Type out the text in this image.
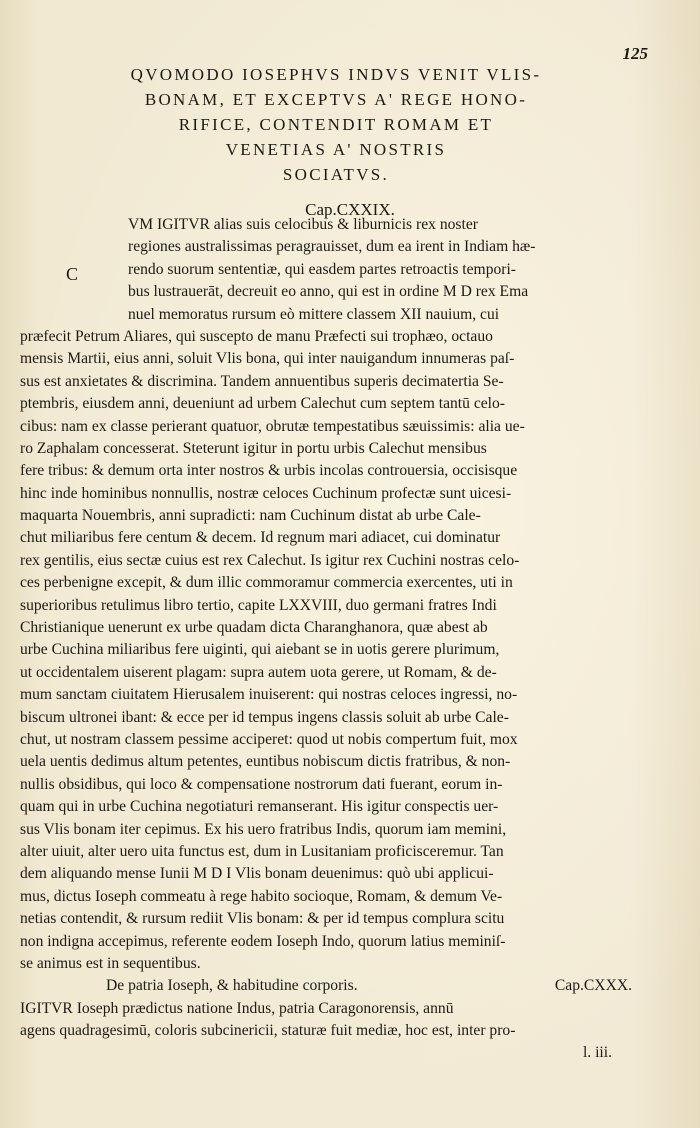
125
QVOMODO IOSEPHVS INDVS VENIT VLIS-
BONAM, ET EXCEPTVS A' REGE HONO-
RIFICE, CONTENDIT ROMAM ET
VENETIAS A' NOSTRIS
SOCIATVS.
Cap.CXXIX.
C
VM IGITVR alias suis celocibus & liburnicis rex noster
regiones australissimas peragrauisset, dum ea irent in Indiam hæ-
rendo suorum sententiæ, qui easdem partes retroactis tempori-
bus lustrauerāt, decreuit eo anno, qui est in ordine M D rex Ema
nuel memoratus rursum eò mittere classem XII nauium, cui
præfecit Petrum Aliares, qui suscepto de manu Præfecti sui trophæo, octauo
mensis Martii, eius anni, soluit Vlis bona, qui inter nauigandum innumeras paſ-
sus est anxietates & discrimina. Tandem annuentibus superis decimatertia Se-
ptembris, eiusdem anni, deueniunt ad urbem Calechut cum septem tantū celo-
cibus: nam ex classe perierant quatuor, obrutæ tempestatibus sæuissimis: alia ue-
ro Zaphalam concesserat. Steterunt igitur in portu urbis Calechut mensibus
fere tribus: & demum orta inter nostros & urbis incolas controuersia, occisisque
hinc inde hominibus nonnullis, nostræ celoces Cuchinum profectæ sunt uicesi-
maquarta Nouembris, anni supradicti: nam Cuchinum distat ab urbe Cale-
chut miliaribus fere centum & decem. Id regnum mari adiacet, cui dominatur
rex gentilis, eius sectæ cuius est rex Calechut. Is igitur rex Cuchini nostras celo-
ces perbenigne excepit, & dum illic commoramur commercia exercentes, uti in
superioribus retulimus libro tertio, capite LXXVIII, duo germani fratres Indi
Christianique uenerunt ex urbe quadam dicta Charanghanora, quæ abest ab
urbe Cuchina miliaribus fere uiginti, qui aiebant se in uotis gerere plurimum,
ut occidentalem uiserent plagam: supra autem uota gerere, ut Romam, & de-
mum sanctam ciuitatem Hierusalem inuiserent: qui nostras celoces ingressi, no-
biscum ultronei ibant: & ecce per id tempus ingens classis soluit ab urbe Cale-
chut, ut nostram classem pessime acciperet: quod ut nobis compertum fuit, mox
uela uentis dedimus altum petentes, euntibus nobiscum dictis fratribus, & non-
nullis obsidibus, qui loco & compensatione nostrorum dati fuerant, eorum in-
quam qui in urbe Cuchina negotiaturi remanserant. His igitur conspectis uer-
sus Vlis bonam iter cepimus. Ex his uero fratribus Indis, quorum iam memini,
alter uiuit, alter uero uita functus est, dum in Lusitaniam proficisceremur. Tan
dem aliquando mense Iunii M D I Vlis bonam deuenimus: quò ubi applicui-
mus, dictus Ioseph commeatu à rege habito socioque, Romam, & demum Ve-
netias contendit, & rursum rediit Vlis bonam: & per id tempus complura scitu
non indigna accepimus, referente eodem Ioseph Indo, quorum latius meminiſ-
se animus est in sequentibus.
De patria Ioseph, & habitudine corporis.	Cap.CXXX.
IGITVR Ioseph prædictus natione Indus, patria Caragonorensis, annū
agens quadragesimū, coloris subcinericii, staturæ fuit mediæ, hoc est, inter pro-
l. iii.
